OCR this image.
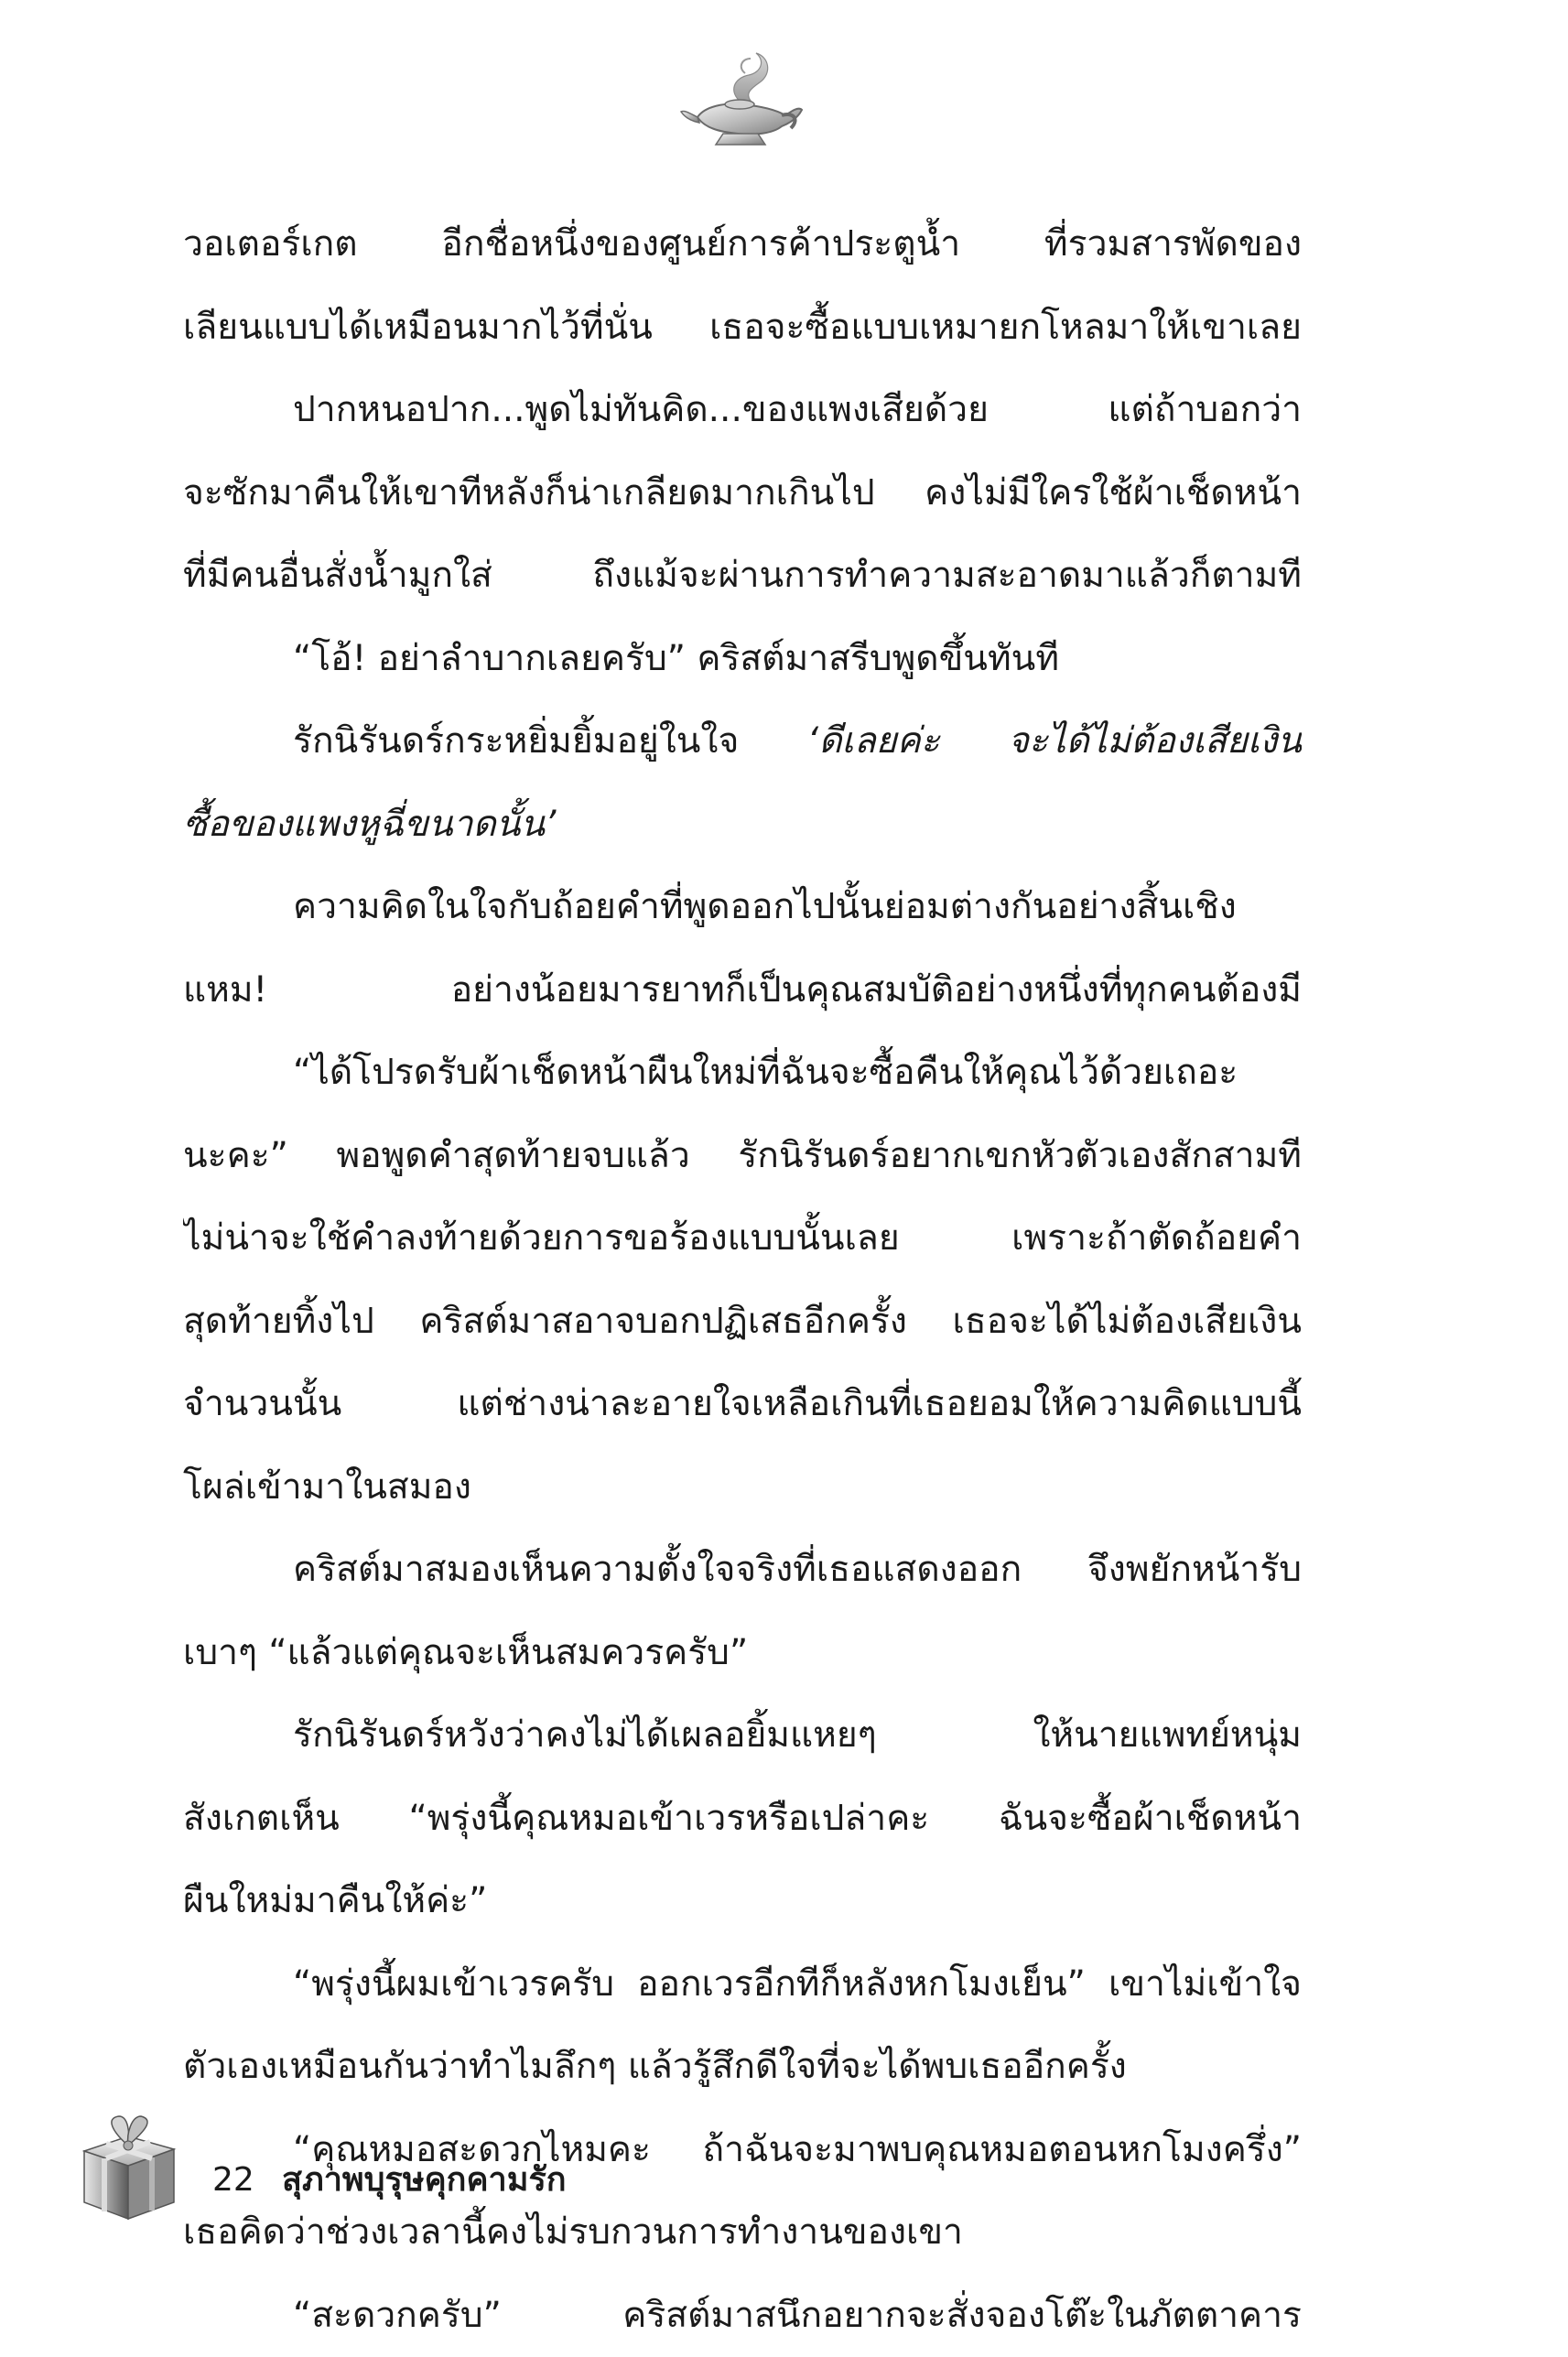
วอเตอร์เกต อีกชื่อหนึ่งของศูนย์การค้าประตูน้ำ ที่รวมสารพัดของ
เลียนแบบได้เหมือนมากไว้ที่นั่น เธอจะซื้อแบบเหมายกโหลมาให้เขาเลย
ปากหนอปาก...พูดไม่ทันคิด...ของแพงเสียด้วย แต่ถ้าบอกว่า
จะซักมาคืนให้เขาทีหลังก็น่าเกลียดมากเกินไป คงไม่มีใครใช้ผ้าเช็ดหน้า
ที่มีคนอื่นสั่งน้ำมูกใส่ ถึงแม้จะผ่านการทำความสะอาดมาแล้วก็ตามที
“โอ้! อย่าลำบากเลยครับ” คริสต์มาสรีบพูดขึ้นทันที
รักนิรันดร์กระหยิ่มยิ้มอยู่ในใจ ‘ดีเลยค่ะ จะได้ไม่ต้องเสียเงิน
ซื้อของแพงหูฉี่ขนาดนั้น’
ความคิดในใจกับถ้อยคำที่พูดออกไปนั้นย่อมต่างกันอย่างสิ้นเชิง
แหม! อย่างน้อยมารยาทก็เป็นคุณสมบัติอย่างหนึ่งที่ทุกคนต้องมี
“ได้โปรดรับผ้าเช็ดหน้าผืนใหม่ที่ฉันจะซื้อคืนให้คุณไว้ด้วยเถอะ
นะคะ” พอพูดคำสุดท้ายจบแล้ว รักนิรันดร์อยากเขกหัวตัวเองสักสามที
ไม่น่าจะใช้คำลงท้ายด้วยการขอร้องแบบนั้นเลย เพราะถ้าตัดถ้อยคำ
สุดท้ายทิ้งไป คริสต์มาสอาจบอกปฏิเสธอีกครั้ง เธอจะได้ไม่ต้องเสียเงิน
จำนวนนั้น แต่ช่างน่าละอายใจเหลือเกินที่เธอยอมให้ความคิดแบบนี้
โผล่เข้ามาในสมอง
คริสต์มาสมองเห็นความตั้งใจจริงที่เธอแสดงออก จึงพยักหน้ารับ
เบาๆ “แล้วแต่คุณจะเห็นสมควรครับ”
รักนิรันดร์หวังว่าคงไม่ได้เผลอยิ้มแหยๆ ให้นายแพทย์หนุ่ม
สังเกตเห็น “พรุ่งนี้คุณหมอเข้าเวรหรือเปล่าคะ ฉันจะซื้อผ้าเช็ดหน้า
ผืนใหม่มาคืนให้ค่ะ”
“พรุ่งนี้ผมเข้าเวรครับ ออกเวรอีกทีก็หลังหกโมงเย็น” เขาไม่เข้าใจ
ตัวเองเหมือนกันว่าทำไมลึกๆ แล้วรู้สึกดีใจที่จะได้พบเธออีกครั้ง
“คุณหมอสะดวกไหมคะ ถ้าฉันจะมาพบคุณหมอตอนหกโมงครึ่ง”
เธอคิดว่าช่วงเวลานี้คงไม่รบกวนการทำงานของเขา
“สะดวกครับ” คริสต์มาสนึกอยากจะสั่งจองโต๊ะในภัตตาคาร
22 สุภาพบุรุษคุกคามรัก
